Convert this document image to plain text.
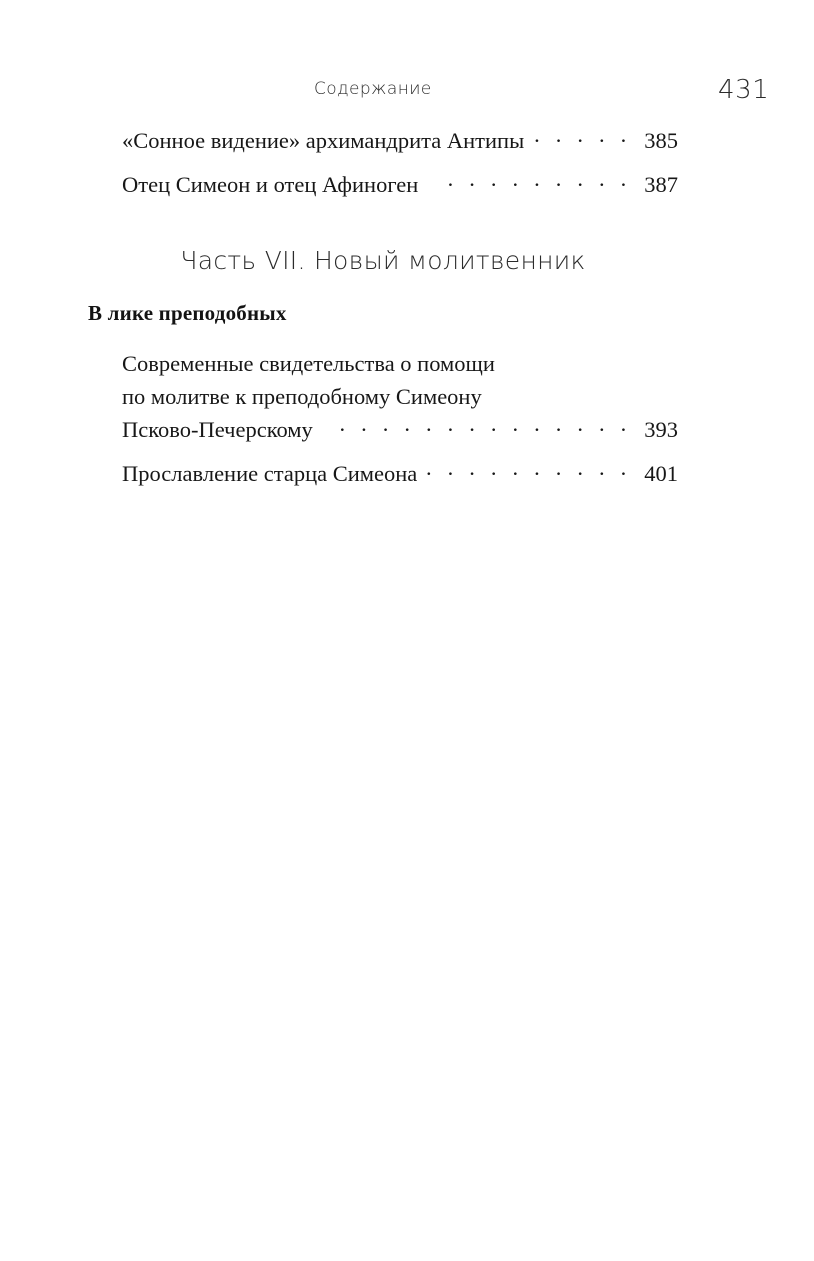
Содержание	431
«Сонное видение» архимандрита Антипы .....	385
Отец Симеон и отец Афиноген .....	387
Часть VII. Новый молитвенник
В лике преподобных
Современные свидетельства о помощи
по молитве к преподобному Симеону
Псково-Печерскому .....	393
Прославление старца Симеона .....	401
